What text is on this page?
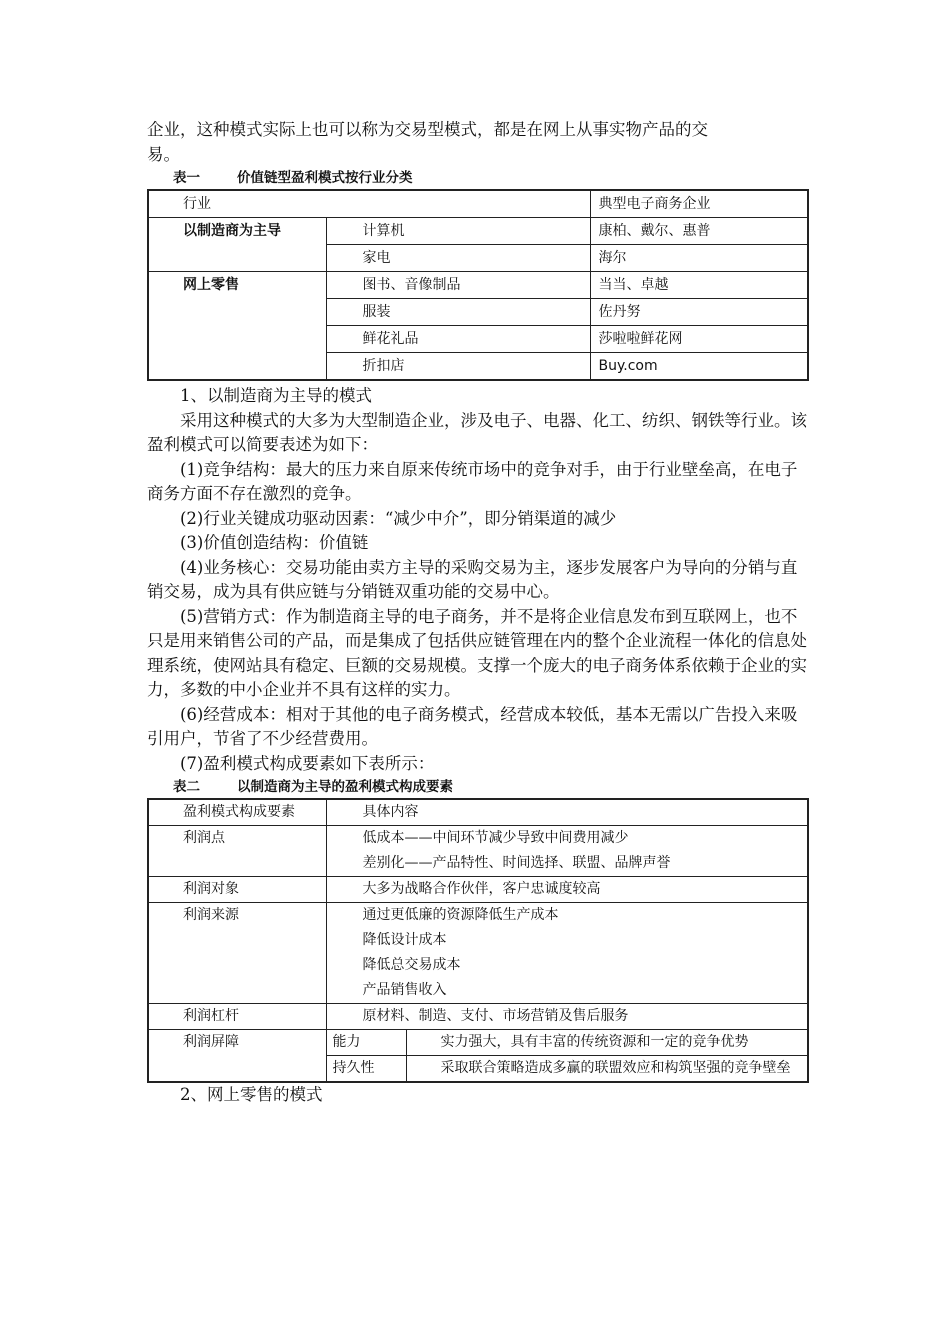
企业，这种模式实际上也可以称为交易型模式，都是在网上从事实物产品的交

易。

表一	价值链型盈利模式按行业分类
行业		典型电子商务企业
以制造商为主导	计算机	康柏、戴尔、惠普
	家电	海尔
网上零售	图书、音像制品	当当、卓越
	服装	佐丹努
	鲜花礼品	莎啦啦鲜花网
	折扣店	Buy.com

1、以制造商为主导的模式

采用这种模式的大多为大型制造企业，涉及电子、电器、化工、纺织、钢铁等行业。该盈利模式可以简要表述为如下：

(1)竞争结构：最大的压力来自原来传统市场中的竞争对手，由于行业壁垒高，在电子商务方面不存在激烈的竞争。

(2)行业关键成功驱动因素：“减少中介”，即分销渠道的减少

(3)价值创造结构：价值链

(4)业务核心：交易功能由卖方主导的采购交易为主，逐步发展客户为导向的分销与直销交易，成为具有供应链与分销链双重功能的交易中心。

(5)营销方式：作为制造商主导的电子商务，并不是将企业信息发布到互联网上，也不只是用来销售公司的产品，而是集成了包括供应链管理在内的整个企业流程一体化的信息处理系统，使网站具有稳定、巨额的交易规模。支撑一个庞大的电子商务体系依赖于企业的实力，多数的中小企业并不具有这样的实力。

(6)经营成本：相对于其他的电子商务模式，经营成本较低，基本无需以广告投入来吸引用户，节省了不少经营费用。

(7)盈利模式构成要素如下表所示：

表二	以制造商为主导的盈利模式构成要素
盈利模式构成要素	具体内容	
利润点	低成本——中间环节减少导致中间费用减少
差别化——产品特性、时间选择、联盟、品牌声誉	

利润对象	大多为战略合作伙伴，客户忠诚度较高	

利润来源	通过更低廉的资源降低生产成本
降低设计成本
降低总交易成本
产品销售收入	

利润杠杆	原材料、制造、支付、市场营销及售后服务	

利润屏障	能力	实力强大，具有丰富的传统资源和一定的竞争优势
	持久性	采取联合策略造成多赢的联盟效应和构筑坚强的竞争壁垒

2、网上零售的模式
